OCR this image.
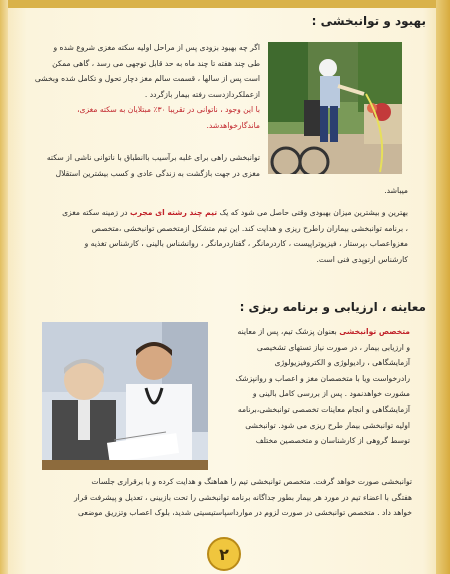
بهبود و توانبخشی :
اگر چه بهبود بزودی پس از مراحل اولیه سکته مغزی شروع شده و
طی چند هفته تا چند ماه به حد قابل توجهی می رسد ، گاهی ممکن
است پس از سالها ، قسمت سالم مغز دچار تحول و تکامل شده وبخشی
ازعملکردازدست رفته بیمار بازگردد .
با این وجود ، ناتوانی در تقریبا ۳۰٪ مبتلایان به سکته مغزی،
ماندگارخواهدشد.
توانبخشی راهی برای غلبه برآسیب باانطباق با ناتوانی ناشی از سکته
مغزی در جهت بازگشت به زندگی عادی و کسب بیشترین استقلال
میباشد.
بهترین و بیشترین میزان بهبودی وقتی حاصل می شود که یک تیم چند رشته ای مجرب در زمینه سکته مغزی
، برنامه توانبخشی بیماران راطرح ریزی و هدایت کند. این تیم متشکل ازمتخصص توانبخشی ،متخصص
مغزواعصاب ،پرستار ، فیزیوتراپیست ، کاردرمانگر ، گفتاردرمانگر ، روانشناس بالینی ، کارشناس تغذیه و
کارشناس ارتوپدی فنی است.
معاینه ، ارزیابی و برنامه ریزی :
متخصص توانبخشی بعنوان پزشک تیم، پس از معاینه
و ارزیابی بیمار ، در صورت نیاز تستهای تشخیصی
آزمایشگاهی ، رادیولوژی و الکتروفیزیولوژی
رادرخواست ویا با متخصصان مغز و اعصاب و روانپزشک
مشورت خواهدنمود . پس از بررسی کامل بالینی و
آزمایشگاهی و انجام معاینات تخصصی توانبخشی،برنامه
اولیه توانبخشی بیمار طرح ریزی می شود. توانبخشی
توسط گروهی از کارشناسان و متخصصین مختلف
توانبخشی صورت خواهد گرفت. متخصص توانبخشی تیم را هماهنگ و هدایت کرده و با برقراری جلسات
هفتگی با اعضاء تیم در مورد هر بیمار بطور جداگانه برنامه توانبخشی را تحت بازبینی ، تعدیل و پیشرفت قرار
خواهد داد . متخصص توانبخشی در صورت لزوم در موارداسپاستیسیتی شدید، بلوک اعصاب وتزریق موضعی
۲
